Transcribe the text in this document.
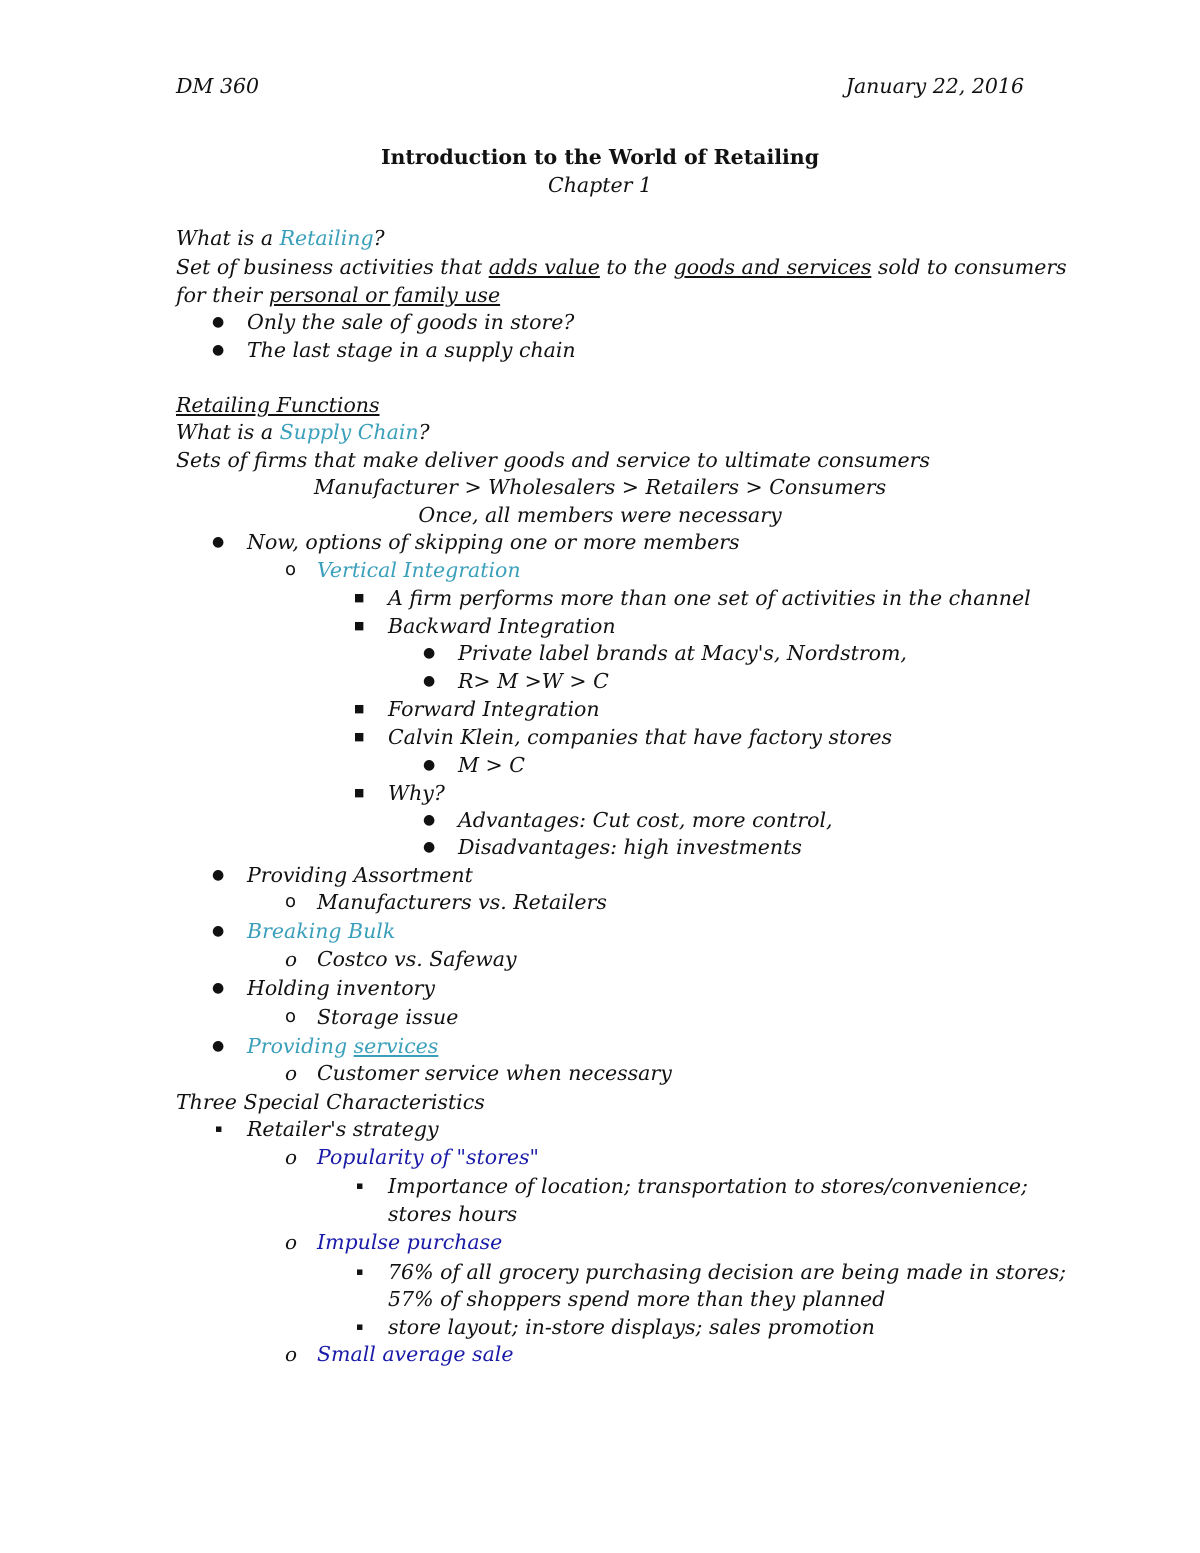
DM 360	January 22, 2016
Introduction to the World of Retailing
Chapter 1
What is a Retailing?
Set of business activities that adds value to the goods and services sold to consumers
for their personal or family use
● Only the sale of goods in store?
● The last stage in a supply chain
Retailing Functions
What is a Supply Chain?
Sets of firms that make deliver goods and service to ultimate consumers
Manufacturer > Wholesalers > Retailers > Consumers
Once, all members were necessary
● Now, options of skipping one or more members
o Vertical Integration
■ A firm performs more than one set of activities in the channel
■ Backward Integration
● Private label brands at Macy's, Nordstrom,
● R> M >W > C
■ Forward Integration
■ Calvin Klein, companies that have factory stores
● M > C
■ Why?
● Advantages: Cut cost, more control,
● Disadvantages: high investments
● Providing Assortment
o Manufacturers vs. Retailers
● Breaking Bulk
o Costco vs. Safeway
● Holding inventory
o Storage issue
● Providing services
o Customer service when necessary
Three Special Characteristics
▪ Retailer's strategy
o Popularity of "stores"
▪ Importance of location; transportation to stores/convenience;
stores hours
o Impulse purchase
▪ 76% of all grocery purchasing decision are being made in stores;
57% of shoppers spend more than they planned
▪ store layout; in-store displays; sales promotion
o Small average sale
